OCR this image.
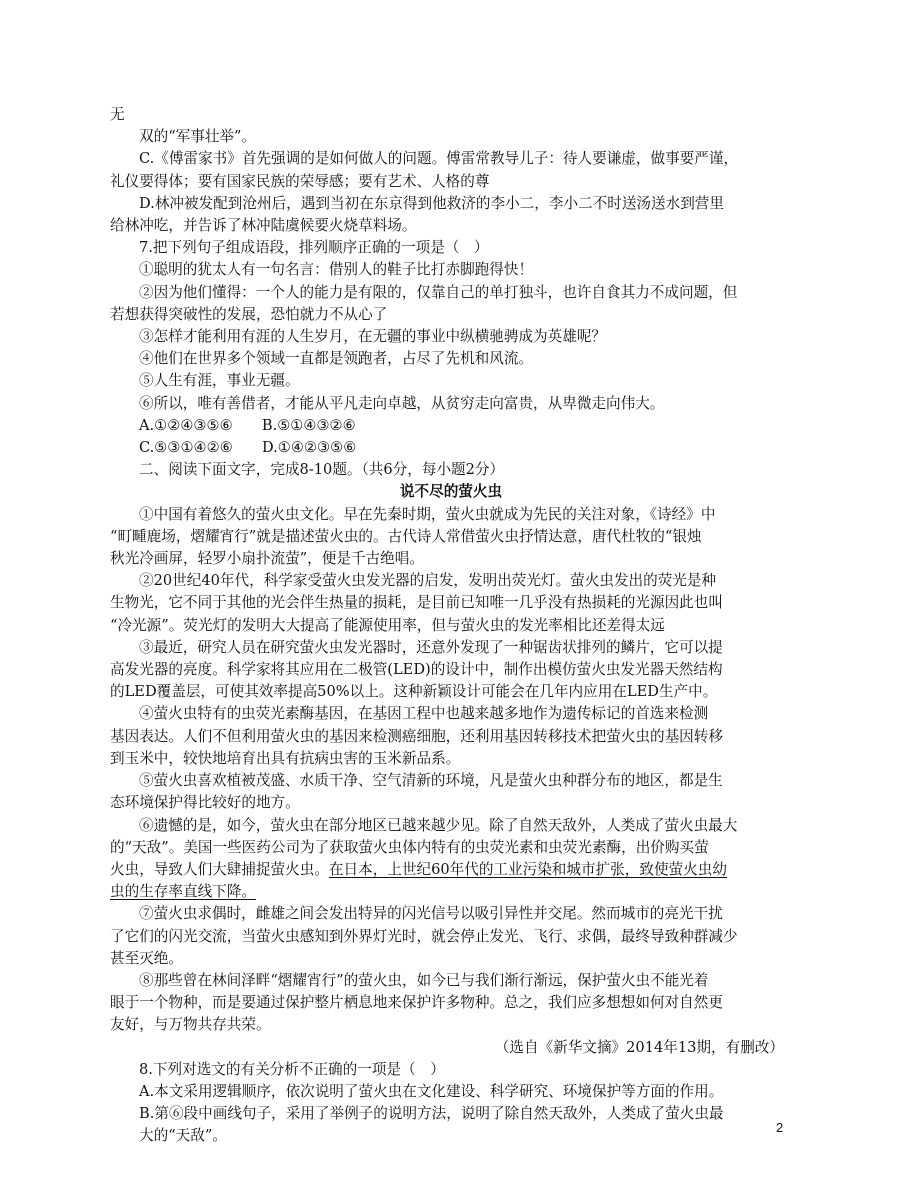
无
双的“军事壮举”。
C.《傅雷家书》首先强调的是如何做人的问题。傅雷常教导儿子：待人要谦虚，做事要严谨，
礼仪要得体；要有国家民族的荣辱感；要有艺术、人格的尊
D.林冲被发配到沧州后，遇到当初在东京得到他救济的李小二，李小二不时送汤送水到营里
给林冲吃，并告诉了林冲陆虞候要火烧草料场。
7.把下列句子组成语段，排列顺序正确的一项是（　）
①聪明的犹太人有一句名言：借别人的鞋子比打赤脚跑得快！
②因为他们懂得：一个人的能力是有限的，仅靠自己的单打独斗，也许自食其力不成问题，但
若想获得突破性的发展，恐怕就力不从心了
③怎样才能利用有涯的人生岁月，在无疆的事业中纵横驰骋成为英雄呢？
④他们在世界多个领域一直都是领跑者，占尽了先机和风流。
⑤人生有涯，事业无疆。
⑥所以，唯有善借者，才能从平凡走向卓越，从贫穷走向富贵，从卑微走向伟大。
A.①②④③⑤⑥　　B.⑤①④③②⑥
C.⑤③①④②⑥　　D.①④②③⑤⑥
二、阅读下面文字，完成8-10题。（共6分，每小题2分）
说不尽的萤火虫
①中国有着悠久的萤火虫文化。早在先秦时期，萤火虫就成为先民的关注对象，《诗经》中
“町畽鹿场，熠耀宵行”就是描述萤火虫的。古代诗人常借萤火虫抒情达意，唐代杜牧的“银烛
秋光冷画屏，轻罗小扇扑流萤”，便是千古绝唱。
②20世纪40年代，科学家受萤火虫发光器的启发，发明出荧光灯。萤火虫发出的荧光是种
生物光，它不同于其他的光会伴生热量的损耗，是目前已知唯一几乎没有热损耗的光源因此也叫
“冷光源”。荧光灯的发明大大提高了能源使用率，但与萤火虫的发光率相比还差得太远
③最近，研究人员在研究萤火虫发光器时，还意外发现了一种锯齿状排列的鳞片，它可以提
高发光器的亮度。科学家将其应用在二极管(LED)的设计中，制作出模仿萤火虫发光器天然结构
的LED覆盖层，可使其效率提高50%以上。这种新颖设计可能会在几年内应用在LED生产中。
④萤火虫特有的虫荧光素酶基因，在基因工程中也越来越多地作为遗传标记的首选来检测
基因表达。人们不但利用萤火虫的基因来检测癌细胞，还利用基因转移技术把萤火虫的基因转移
到玉米中，较快地培育出具有抗病虫害的玉米新品系。
⑤萤火虫喜欢植被茂盛、水质干净、空气清新的环境，凡是萤火虫种群分布的地区，都是生
态环境保护得比较好的地方。
⑥遗憾的是，如今，萤火虫在部分地区已越来越少见。除了自然天敌外，人类成了萤火虫最大
的“天敌”。美国一些医药公司为了获取萤火虫体内特有的虫荧光素和虫荧光素酶，出价购买萤
火虫，导致人们大肆捕捉萤火虫。在日本，上世纪60年代的工业污染和城市扩张，致使萤火虫幼
虫的生存率直线下降。
⑦萤火虫求偶时，雌雄之间会发出特异的闪光信号以吸引异性并交尾。然而城市的亮光干扰
了它们的闪光交流，当萤火虫感知到外界灯光时，就会停止发光、飞行、求偶，最终导致种群减少
甚至灭绝。
⑧那些曾在林间泽畔“熠耀宵行”的萤火虫，如今已与我们渐行渐远，保护萤火虫不能光着
眼于一个物种，而是要通过保护整片栖息地来保护许多物种。总之，我们应多想想如何对自然更
友好，与万物共存共荣。
（选自《新华文摘》2014年13期，有删改）
8.下列对选文的有关分析不正确的一项是（　）
A.本文采用逻辑顺序，依次说明了萤火虫在文化建设、科学研究、环境保护等方面的作用。
B.第⑥段中画线句子，采用了举例子的说明方法，说明了除自然天敌外，人类成了萤火虫最
大的“天敌”。	2
